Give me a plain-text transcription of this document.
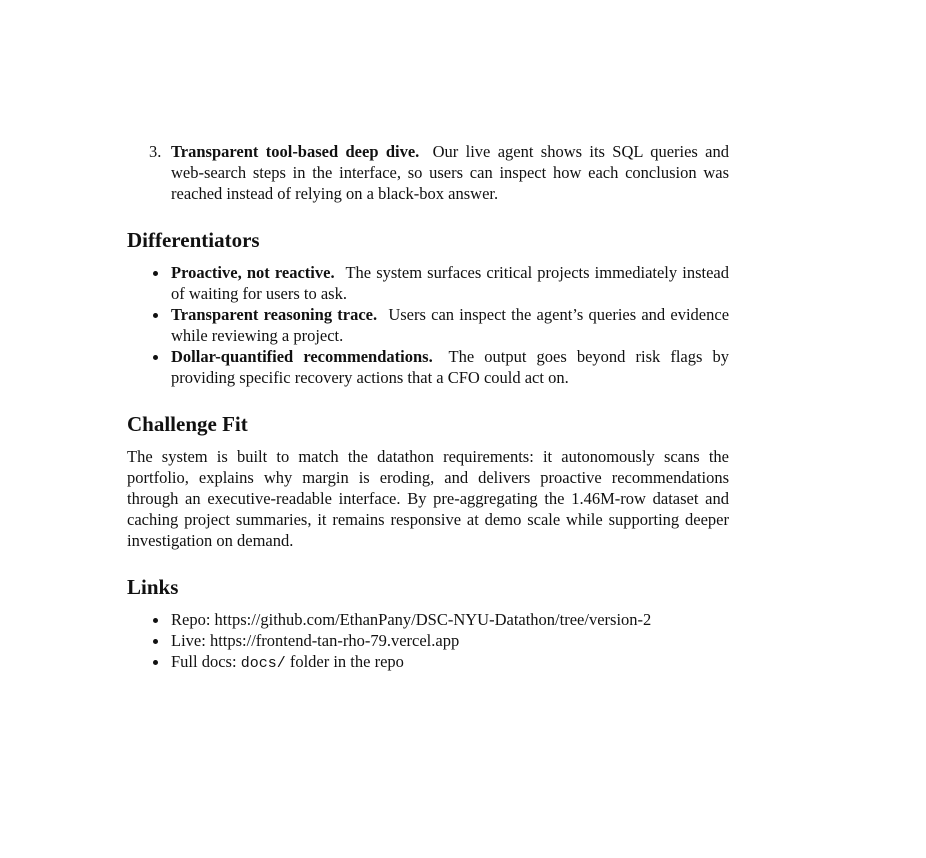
3. Transparent tool-based deep dive. Our live agent shows its SQL queries and web-search steps in the interface, so users can inspect how each conclusion was reached instead of relying on a black-box answer.
Differentiators
Proactive, not reactive. The system surfaces critical projects immediately instead of waiting for users to ask.
Transparent reasoning trace. Users can inspect the agent’s queries and evidence while reviewing a project.
Dollar-quantified recommendations. The output goes beyond risk flags by providing specific recovery actions that a CFO could act on.
Challenge Fit

The system is built to match the datathon requirements: it autonomously scans the portfolio, explains why margin is eroding, and delivers proactive recommendations through an executive-readable interface. By pre-aggregating the 1.46M-row dataset and caching project summaries, it remains responsive at demo scale while supporting deeper investigation on demand.

Links
Repo: https://github.com/EthanPany/DSC-NYU-Datathon/tree/version-2
Live: https://frontend-tan-rho-79.vercel.app
Full docs: docs/ folder in the repo
